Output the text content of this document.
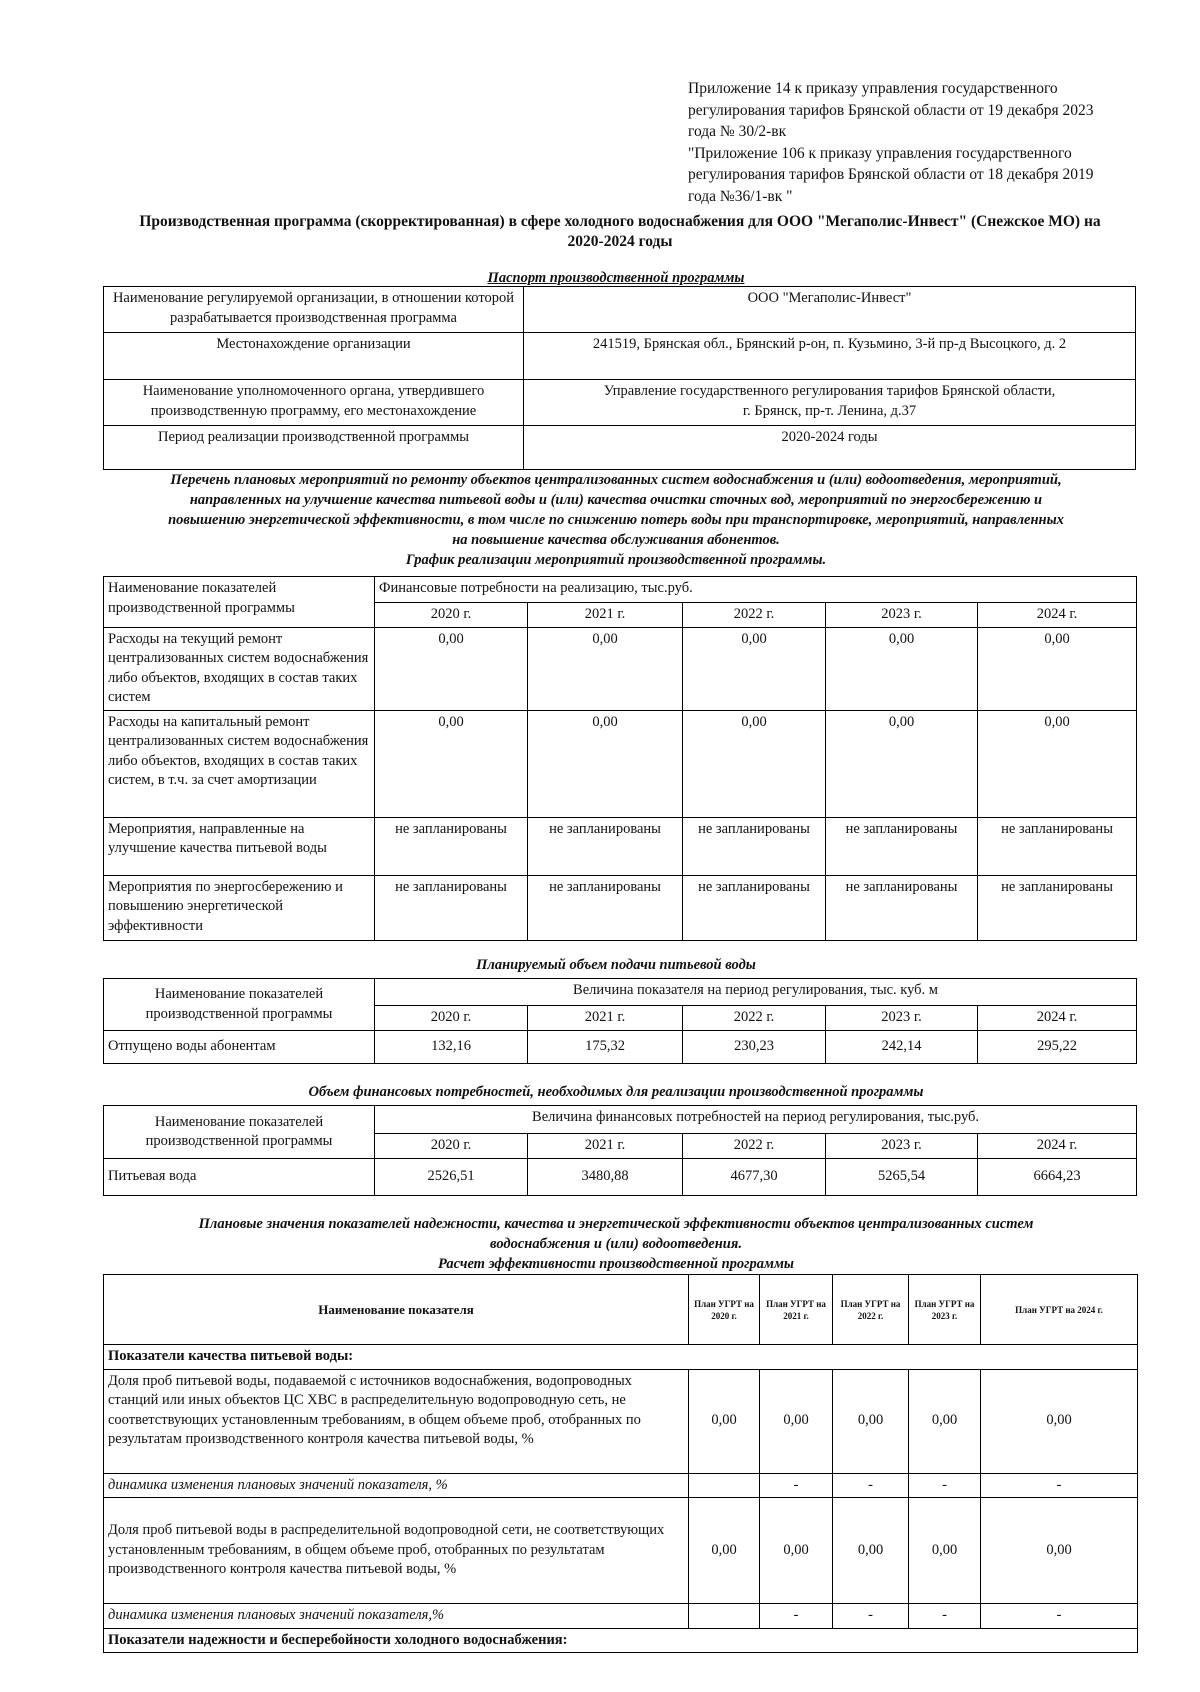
Приложение 14 к приказу управления государственного
регулирования тарифов Брянской области от 19 декабря 2023
года № 30/2-вк
"Приложение 106 к приказу управления государственного
регулирования тарифов Брянской области от 18 декабря 2019
года №36/1-вк "
Производственная программа (скорректированная) в сфере холодного водоснабжения для ООО "Мегаполис-Инвест" (Снежское МО) на
2020-2024 годы
Паспорт производственной программы
Наименование регулируемой организации, в отношении которой разрабатывается производственная программа	ООО "Мегаполис-Инвест"
Местонахождение организации	241519, Брянская обл., Брянский р-он, п. Кузьмино, 3-й пр-д Высоцкого, д. 2
Наименование уполномоченного органа, утвердившего производственную программу, его местонахождение	Управление государственного регулирования тарифов Брянской области,
г. Брянск, пр-т. Ленина, д.37

Период реализации производственной программы	2020-2024 годы
Перечень плановых мероприятий по ремонту объектов централизованных систем водоснабжения и (или) водоотведения, мероприятий,
направленных на улучшение качества питьевой воды и (или) качества очистки сточных вод, мероприятий по энергосбережению и
повышению энергетической эффективности, в том числе по снижению потерь воды при транспортировке, мероприятий, направленных
на повышение качества обслуживания абонентов.
График реализации мероприятий производственной программы.
Наименование показателей производственной программы	Финансовые потребности на реализацию, тыс.руб.				
	2020 г.	2021 г.	2022 г.	2023 г.	2024 г.
Расходы на текущий ремонт централизованных систем водоснабжения либо объектов, входящих в состав таких систем	0,00	0,00	0,00	0,00	0,00
Расходы на капитальный ремонт централизованных систем водоснабжения либо объектов, входящих в состав таких систем, в т.ч. за счет амортизации	0,00	0,00	0,00	0,00	0,00
Мероприятия, направленные на улучшение качества питьевой воды	не запланированы	не запланированы	не запланированы	не запланированы	не запланированы
Мероприятия по энергосбережению и повышению энергетической эффективности	не запланированы	не запланированы	не запланированы	не запланированы	не запланированы
Планируемый объем подачи питьевой воды
Наименование показателей производственной программы	Величина показателя на период регулирования, тыс. куб. м				
	2020 г.	2021 г.	2022 г.	2023 г.	2024 г.
Отпущено воды абонентам	132,16	175,32	230,23	242,14	295,22
Объем финансовых потребностей, необходимых для реализации производственной программы
Наименование показателей производственной программы	Величина финансовых потребностей на период регулирования, тыс.руб.				
	2020 г.	2021 г.	2022 г.	2023 г.	2024 г.
Питьевая вода	2526,51	3480,88	4677,30	5265,54	6664,23
Плановые значения показателей надежности, качества и энергетической эффективности объектов централизованных систем
водоснабжения и (или) водоотведения.
Расчет эффективности производственной программы
Наименование показателя	План УГРТ на 2020 г.	План УГРТ на 2021 г.	План УГРТ на 2022 г.	План УГРТ на 2023 г.	План УГРТ на 2024 г.
Показатели качества питьевой воды:					
Доля проб питьевой воды, подаваемой с источников водоснабжения, водопроводных станций или иных объектов ЦС ХВС в распределительную водопроводную сеть, не соответствующих установленным требованиям, в общем объеме проб, отобранных по результатам производственного контроля качества питьевой воды, %	0,00	0,00	0,00	0,00	0,00
динамика изменения плановых значений показателя, %		-	-	-	-
Доля проб питьевой воды в распределительной водопроводной сети, не соответствующих установленным требованиям, в общем объеме проб, отобранных по результатам производственного контроля качества питьевой воды, %	0,00	0,00	0,00	0,00	0,00
динамика изменения плановых значений показателя,%		-	-	-	-
Показатели надежности и бесперебойности холодного водоснабжения:					
